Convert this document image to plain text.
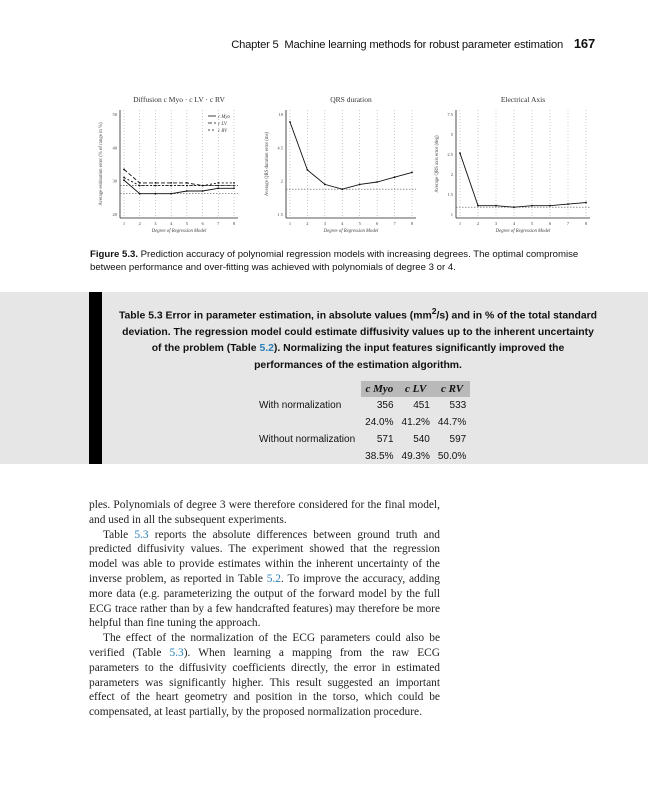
Chapter 5 Machine learning methods for robust parameter estimation 167
Diffusion c Myo · c LV · c RV
1	2	3	4	5	6	7	8
50
40
30
20
Degree of Regression Model
Average estimation error (% of range in %)
c Myo
c LV
c RV
QRS duration
1	2	3	4	5	6	7	8
10
4.5
2
1.5
Degree of Regression Model
Average QRS duration error (ms)
Electrical Axis
1	2	3	4	5	6	7	8
7.5
5
2.5
2
1.5
1
Degree of Regression Model
Average QRS axis error (deg)
Figure 5.3. Prediction accuracy of polynomial regression models with increasing degrees. The optimal compromise between performance and over-fitting was achieved with polynomials of degree 3 or 4.
Table 5.3 Error in parameter estimation, in absolute values $(mm^2/s)$ and in % of the total standard deviation. The regression model could estimate diffusivity values up to the inherent uncertainty of the problem (Table 5.2). Normalizing the input features significantly improved the performances of the estimation algorithm.
	c Myo	c LV	c RV
With normalization	356	451	533
	24.0%	41.2%	44.7%
Without normalization	571	540	597
	38.5%	49.3%	50.0%

ples. Polynomials of degree 3 were therefore considered for the final model, and used in all the subsequent experiments.

Table 5.3 reports the absolute differences between ground truth and predicted diffusivity values. The experiment showed that the regression model was able to provide estimates within the inherent uncertainty of the inverse problem, as reported in Table 5.2. To improve the accuracy, adding more data (e.g. parameterizing the output of the forward model by the full ECG trace rather than by a few handcrafted features) may therefore be more helpful than fine tuning the approach.

The effect of the normalization of the ECG parameters could also be verified (Table 5.3). When learning a mapping from the raw ECG parameters to the diffusivity coefficients directly, the error in estimated parameters was significantly higher. This result suggested an important effect of the heart geometry and position in the torso, which could be compensated, at least partially, by the proposed normalization procedure.
